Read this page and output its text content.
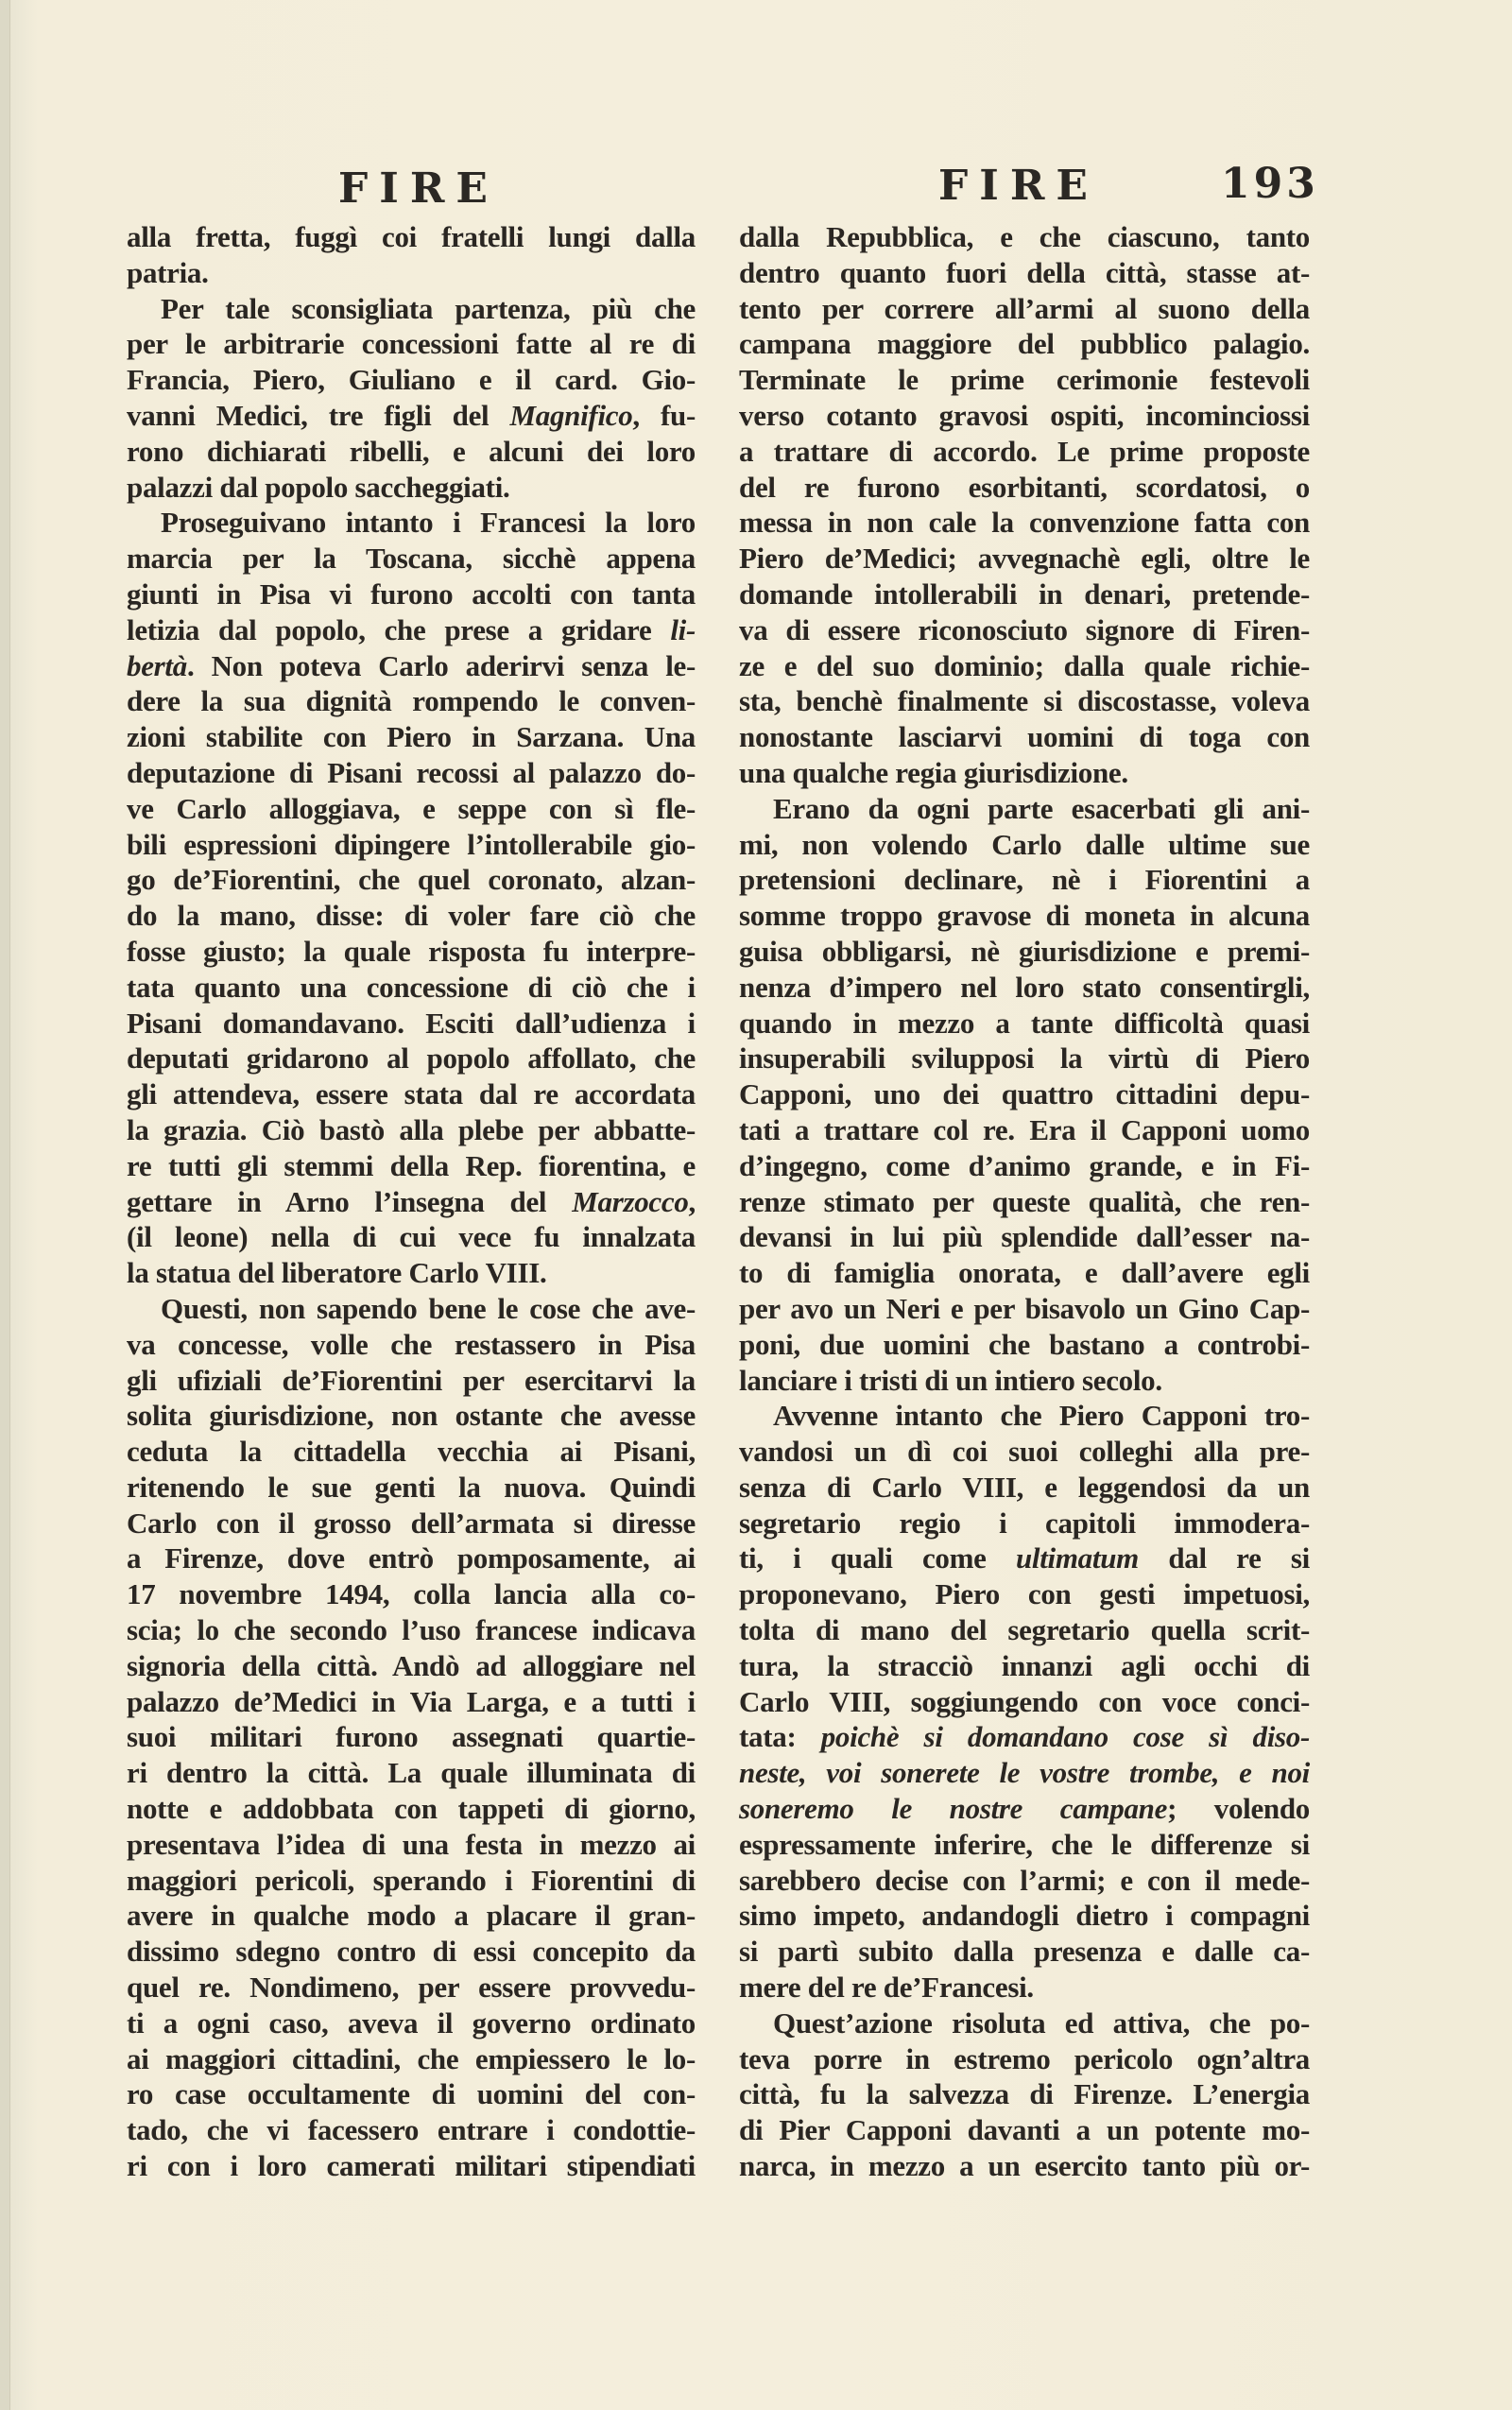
FIRE	FIRE	193
alla fretta, fuggì coi fratelli lungi dalla
patria.
Per tale sconsigliata partenza, più che
per le arbitrarie concessioni fatte al re di
Francia, Piero, Giuliano e il card. Gio-
vanni Medici, tre figli del Magnifico, fu-
rono dichiarati ribelli, e alcuni dei loro
palazzi dal popolo saccheggiati.
Proseguivano intanto i Francesi la loro
marcia per la Toscana, sicchè appena
giunti in Pisa vi furono accolti con tanta
letizia dal popolo, che prese a gridare li-
bertà. Non poteva Carlo aderirvi senza le-
dere la sua dignità rompendo le conven-
zioni stabilite con Piero in Sarzana. Una
deputazione di Pisani recossi al palazzo do-
ve Carlo alloggiava, e seppe con sì fle-
bili espressioni dipingere l’intollerabile gio-
go de’Fiorentini, che quel coronato, alzan-
do la mano, disse: di voler fare ciò che
fosse giusto; la quale risposta fu interpre-
tata quanto una concessione di ciò che i
Pisani domandavano. Esciti dall’udienza i
deputati gridarono al popolo affollato, che
gli attendeva, essere stata dal re accordata
la grazia. Ciò bastò alla plebe per abbatte-
re tutti gli stemmi della Rep. fiorentina, e
gettare in Arno l’insegna del Marzocco,
(il leone) nella di cui vece fu innalzata
la statua del liberatore Carlo VIII.
Questi, non sapendo bene le cose che ave-
va concesse, volle che restassero in Pisa
gli ufiziali de’Fiorentini per esercitarvi la
solita giurisdizione, non ostante che avesse
ceduta la cittadella vecchia ai Pisani,
ritenendo le sue genti la nuova. Quindi
Carlo con il grosso dell’armata si diresse
a Firenze, dove entrò pomposamente, ai
17 novembre 1494, colla lancia alla co-
scia; lo che secondo l’uso francese indicava
signoria della città. Andò ad alloggiare nel
palazzo de’Medici in Via Larga, e a tutti i
suoi militari furono assegnati quartie-
ri dentro la città. La quale illuminata di
notte e addobbata con tappeti di giorno,
presentava l’idea di una festa in mezzo ai
maggiori pericoli, sperando i Fiorentini di
avere in qualche modo a placare il gran-
dissimo sdegno contro di essi concepito da
quel re. Nondimeno, per essere provvedu-
ti a ogni caso, aveva il governo ordinato
ai maggiori cittadini, che empiessero le lo-
ro case occultamente di uomini del con-
tado, che vi facessero entrare i condottie-
ri con i loro camerati militari stipendiati
dalla Repubblica, e che ciascuno, tanto
dentro quanto fuori della città, stasse at-
tento per correre all’armi al suono della
campana maggiore del pubblico palagio.
Terminate le prime cerimonie festevoli
verso cotanto gravosi ospiti, incominciossi
a trattare di accordo. Le prime proposte
del re furono esorbitanti, scordatosi, o
messa in non cale la convenzione fatta con
Piero de’Medici; avvegnachè egli, oltre le
domande intollerabili in denari, pretende-
va di essere riconosciuto signore di Firen-
ze e del suo dominio; dalla quale richie-
sta, benchè finalmente si discostasse, voleva
nonostante lasciarvi uomini di toga con
una qualche regia giurisdizione.
Erano da ogni parte esacerbati gli ani-
mi, non volendo Carlo dalle ultime sue
pretensioni declinare, nè i Fiorentini a
somme troppo gravose di moneta in alcuna
guisa obbligarsi, nè giurisdizione e premi-
nenza d’impero nel loro stato consentirgli,
quando in mezzo a tante difficoltà quasi
insuperabili svilupposi la virtù di Piero
Capponi, uno dei quattro cittadini depu-
tati a trattare col re. Era il Capponi uomo
d’ingegno, come d’animo grande, e in Fi-
renze stimato per queste qualità, che ren-
devansi in lui più splendide dall’esser na-
to di famiglia onorata, e dall’avere egli
per avo un Neri e per bisavolo un Gino Cap-
poni, due uomini che bastano a controbi-
lanciare i tristi di un intiero secolo.
Avvenne intanto che Piero Capponi tro-
vandosi un dì coi suoi colleghi alla pre-
senza di Carlo VIII, e leggendosi da un
segretario regio i capitoli immodera-
ti, i quali come ultimatum dal re si
proponevano, Piero con gesti impetuosi,
tolta di mano del segretario quella scrit-
tura, la stracciò innanzi agli occhi di
Carlo VIII, soggiungendo con voce conci-
tata: poichè si domandano cose sì diso-
neste, voi sonerete le vostre trombe, e noi
soneremo le nostre campane; volendo
espressamente inferire, che le differenze si
sarebbero decise con l’armi; e con il mede-
simo impeto, andandogli dietro i compagni
si partì subito dalla presenza e dalle ca-
mere del re de’Francesi.
Quest’azione risoluta ed attiva, che po-
teva porre in estremo pericolo ogn’altra
città, fu la salvezza di Firenze. L’energia
di Pier Capponi davanti a un potente mo-
narca, in mezzo a un esercito tanto più or-
